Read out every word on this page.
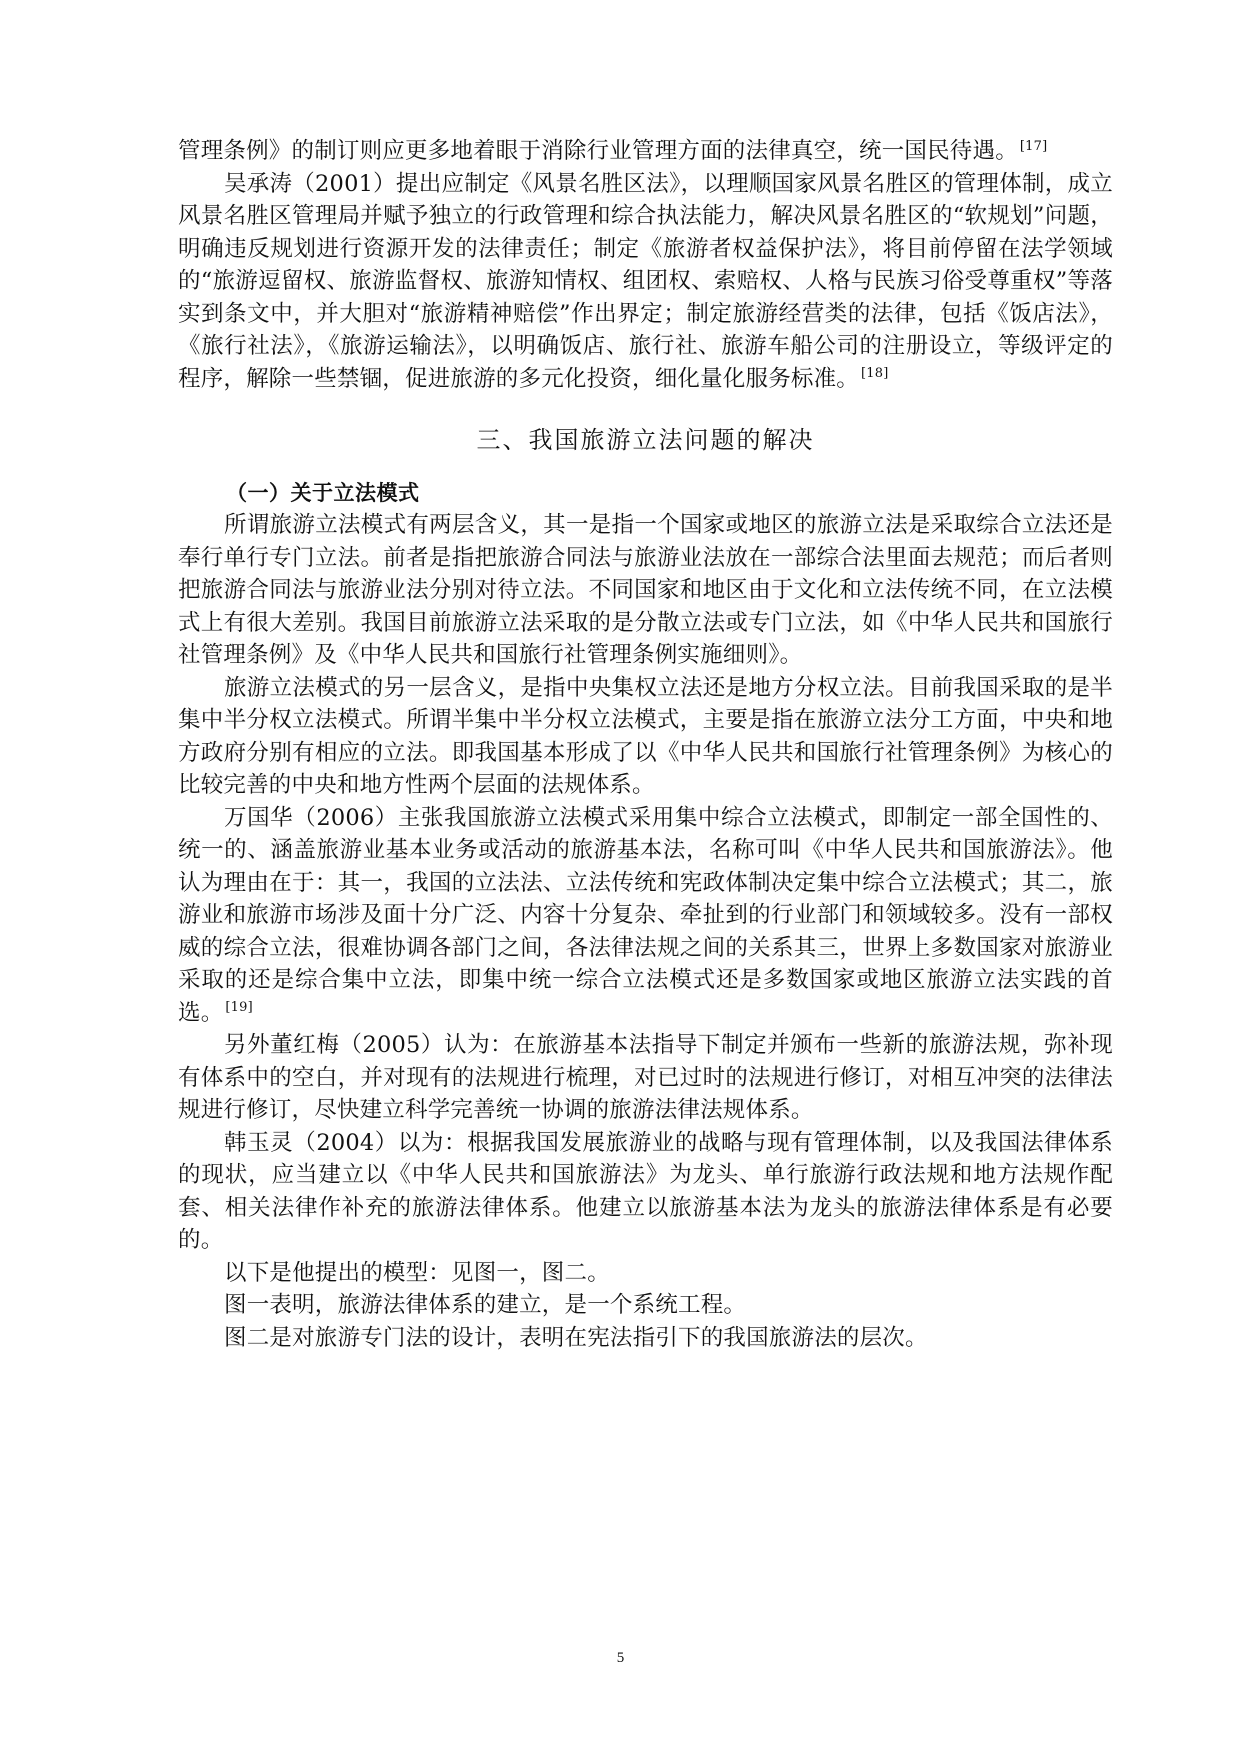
管理条例》的制订则应更多地着眼于消除行业管理方面的法律真空，统一国民待遇。 [17]

吴承涛（2001）提出应制定《风景名胜区法》，以理顺国家风景名胜区的管理体制，成立风景名胜区管理局并赋予独立的行政管理和综合执法能力，解决风景名胜区的“软规划”问题，明确违反规划进行资源开发的法律责任；制定《旅游者权益保护法》，将目前停留在法学领域的“旅游逗留权、旅游监督权、旅游知情权、组团权、索赔权、人格与民族习俗受尊重权”等落实到条文中，并大胆对“旅游精神赔偿”作出界定；制定旅游经营类的法律，包括《饭店法》，《旅行社法》，《旅游运输法》，以明确饭店、旅行社、旅游车船公司的注册设立，等级评定的程序，解除一些禁锢，促进旅游的多元化投资，细化量化服务标准。 [18]

三、我国旅游立法问题的解决
（一）关于立法模式

所谓旅游立法模式有两层含义，其一是指一个国家或地区的旅游立法是采取综合立法还是奉行单行专门立法。前者是指把旅游合同法与旅游业法放在一部综合法里面去规范；而后者则把旅游合同法与旅游业法分别对待立法。不同国家和地区由于文化和立法传统不同，在立法模式上有很大差别。我国目前旅游立法采取的是分散立法或专门立法，如《中华人民共和国旅行社管理条例》及《中华人民共和国旅行社管理条例实施细则》。

旅游立法模式的另一层含义，是指中央集权立法还是地方分权立法。目前我国采取的是半集中半分权立法模式。所谓半集中半分权立法模式，主要是指在旅游立法分工方面，中央和地方政府分别有相应的立法。即我国基本形成了以《中华人民共和国旅行社管理条例》为核心的比较完善的中央和地方性两个层面的法规体系。

万国华（2006）主张我国旅游立法模式采用集中综合立法模式，即制定一部全国性的、统一的、涵盖旅游业基本业务或活动的旅游基本法，名称可叫《中华人民共和国旅游法》。他认为理由在于：其一，我国的立法法、立法传统和宪政体制决定集中综合立法模式；其二，旅游业和旅游市场涉及面十分广泛、内容十分复杂、牵扯到的行业部门和领域较多。没有一部权威的综合立法，很难协调各部门之间，各法律法规之间的关系其三，世界上多数国家对旅游业采取的还是综合集中立法，即集中统一综合立法模式还是多数国家或地区旅游立法实践的首选。 [19]

另外董红梅（2005）认为：在旅游基本法指导下制定并颁布一些新的旅游法规，弥补现有体系中的空白，并对现有的法规进行梳理，对已过时的法规进行修订，对相互冲突的法律法规进行修订，尽快建立科学完善统一协调的旅游法律法规体系。

韩玉灵（2004）以为：根据我国发展旅游业的战略与现有管理体制，以及我国法律体系的现状，应当建立以《中华人民共和国旅游法》为龙头、单行旅游行政法规和地方法规作配套、相关法律作补充的旅游法律体系。他建立以旅游基本法为龙头的旅游法律体系是有必要的。

以下是他提出的模型：见图一，图二。

图一表明，旅游法律体系的建立，是一个系统工程。

图二是对旅游专门法的设计，表明在宪法指引下的我国旅游法的层次。

5
